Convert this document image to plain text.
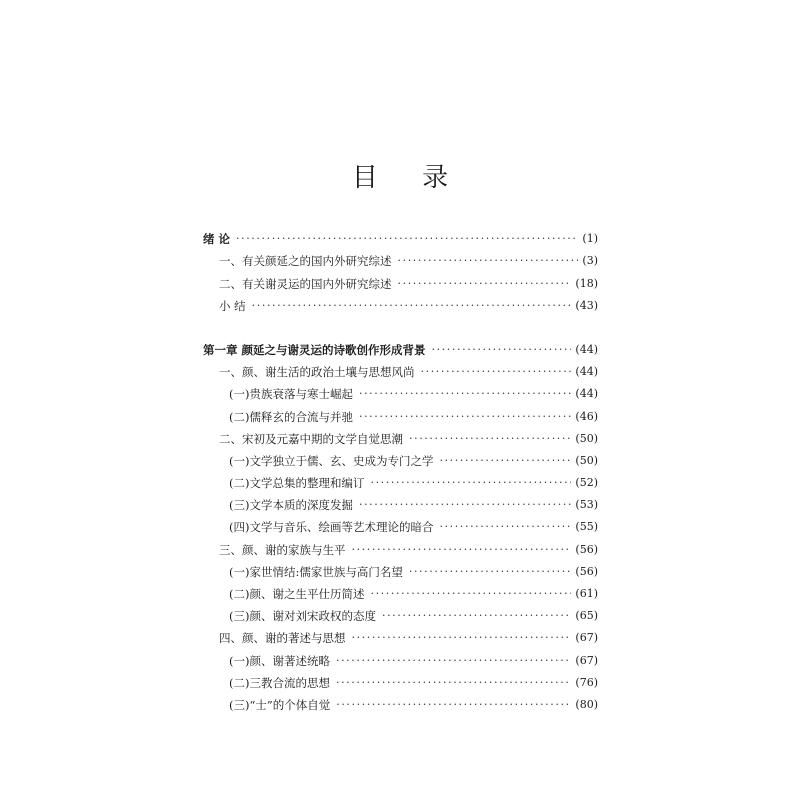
目 录
绪 论 ·····	(1)
一、有关颜延之的国内外研究综述 ·····	(3)
二、有关谢灵运的国内外研究综述 ·····	(18)
小 结 ·····	(43)
第一章 颜延之与谢灵运的诗歌创作形成背景 ·····	(44)
一、颜、谢生活的政治土壤与思想风尚 ·····	(44)
(一)贵族衰落与寒士崛起 ·····	(44)
(二)儒释玄的合流与并驰 ·····	(46)
二、宋初及元嘉中期的文学自觉思潮 ·····	(50)
(一)文学独立于儒、玄、史成为专门之学 ·····	(50)
(二)文学总集的整理和编订 ·····	(52)
(三)文学本质的深度发掘 ·····	(53)
(四)文学与音乐、绘画等艺术理论的暗合 ·····	(55)
三、颜、谢的家族与生平 ·····	(56)
(一)家世情结:儒家世族与高门名望 ·····	(56)
(二)颜、谢之生平仕历简述 ·····	(61)
(三)颜、谢对刘宋政权的态度 ·····	(65)
四、颜、谢的著述与思想 ·····	(67)
(一)颜、谢著述统略 ·····	(67)
(二)三教合流的思想 ·····	(76)
(三)“士”的个体自觉 ·····	(80)
